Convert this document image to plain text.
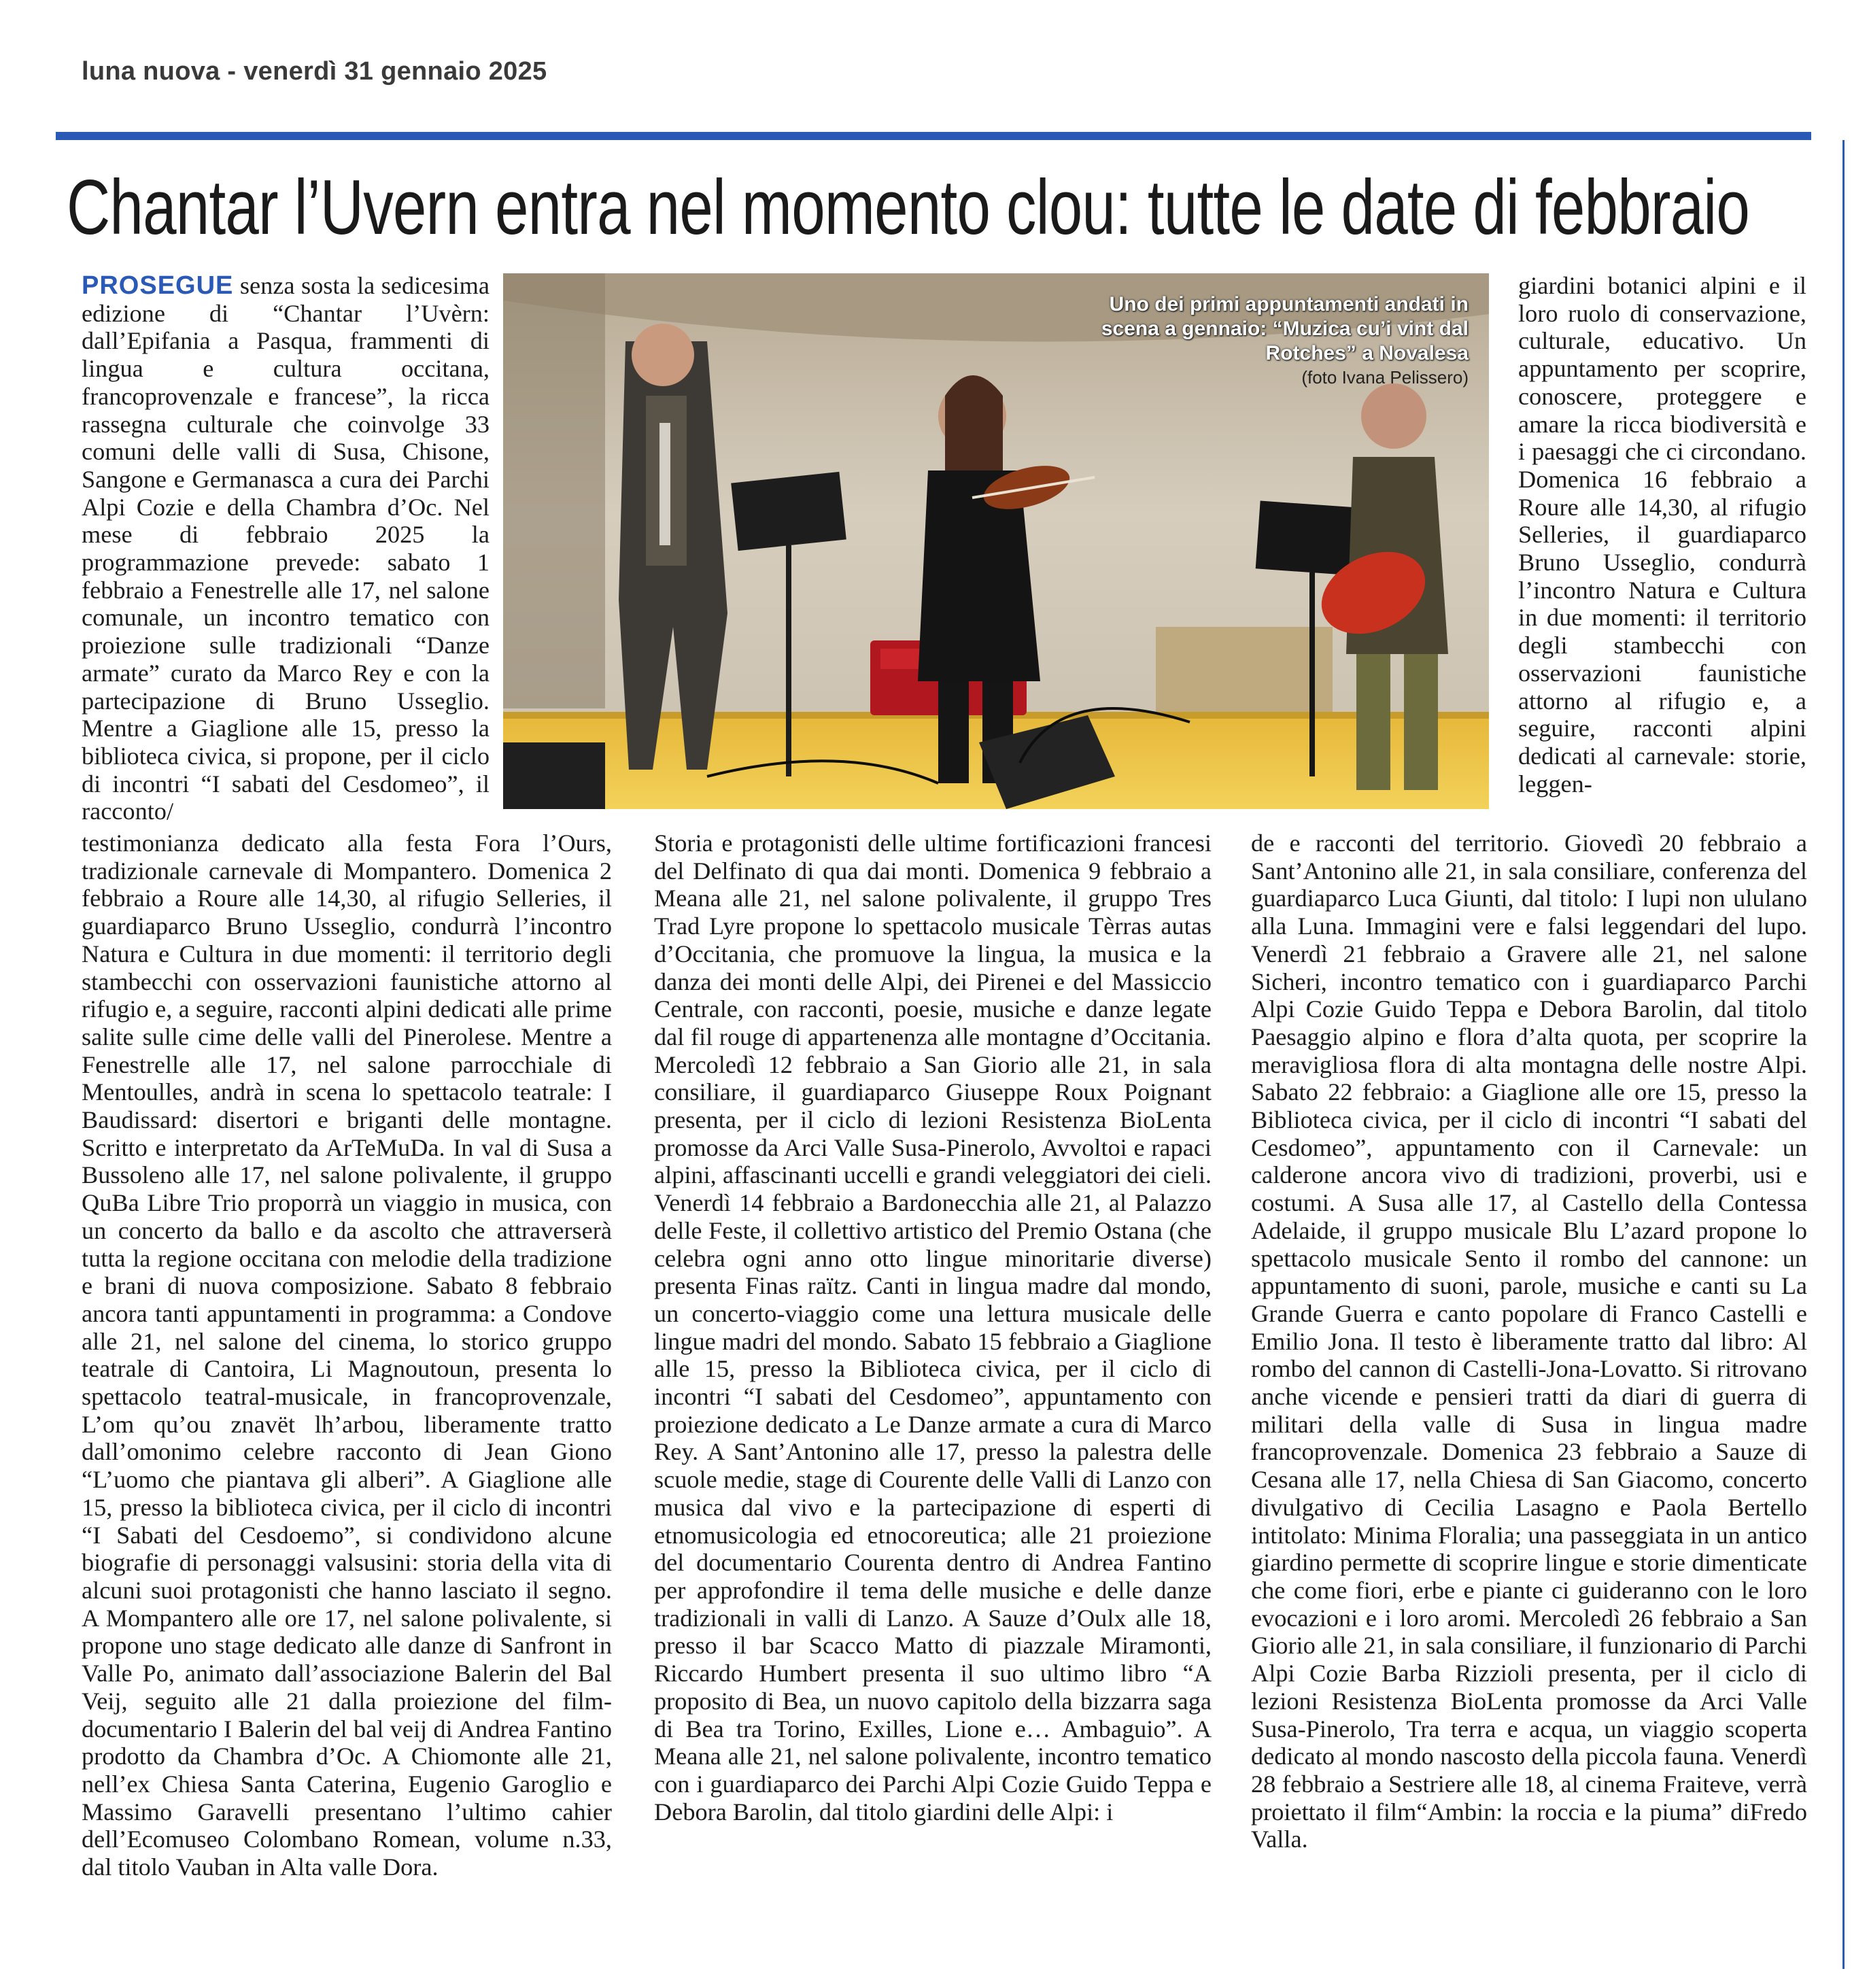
luna nuova - venerdì 31 gennaio 2025
Chantar l’Uvern entra nel momento clou: tutte le date di febbraio
PROSEGUE senza sosta la sedicesima edizione di “Chantar l’Uvèrn: dall’Epifania a Pasqua, frammenti di lingua e cultura occitana, francoprovenzale e francese”, la ricca rassegna culturale che coinvolge 33 comuni delle valli di Susa, Chisone, Sangone e Germanasca a cura dei Parchi Alpi Cozie e della Chambra d’Oc. Nel mese di febbraio 2025 la programmazione prevede: sabato 1 febbraio a Fenestrelle alle 17, nel salone comunale, un incontro tematico con proiezione sulle tradizionali “Danze armate” curato da Marco Rey e con la partecipazione di Bruno Usseglio. Mentre a Giaglione alle 15, presso la biblioteca civica, si propone, per il ciclo di incontri “I sabati del Cesdomeo”, il racconto/
Uno dei primi appuntamenti andati in scena a gennaio: “Muzica cu’i vint dal Rotches” a Novalesa
(foto Ivana Pelissero)
giardini botanici alpini e il loro ruolo di conservazione, culturale, educativo. Un appuntamento per scoprire, conoscere, proteggere e amare la ricca biodiversità e i paesaggi che ci circondano. Domenica 16 febbraio a Roure alle 14,30, al rifugio Selleries, il guardiaparco Bruno Usseglio, condurrà l’incontro Natura e Cultura in due momenti: il territorio degli stambecchi con osservazioni faunistiche attorno al rifugio e, a seguire, racconti alpini dedicati al carnevale: storie, leggen-
testimonianza dedicato alla festa Fora l’Ours, tradizionale carnevale di Mompantero. Domenica 2 febbraio a Roure alle 14,30, al rifugio Selleries, il guardiaparco Bruno Usseglio, condurrà l’incontro Natura e Cultura in due momenti: il territorio degli stambecchi con osservazioni faunistiche attorno al rifugio e, a seguire, racconti alpini dedicati alle prime salite sulle cime delle valli del Pinerolese. Mentre a Fenestrelle alle 17, nel salone parrocchiale di Mentoulles, andrà in scena lo spettacolo teatrale: I Baudissard: disertori e briganti delle montagne. Scritto e interpretato da ArTeMuDa. In val di Susa a Bussoleno alle 17, nel salone polivalente, il gruppo QuBa Libre Trio proporrà un viaggio in musica, con un concerto da ballo e da ascolto che attraverserà tutta la regione occitana con melodie della tradizione e brani di nuova composizione. Sabato 8 febbraio ancora tanti appuntamenti in programma: a Condove alle 21, nel salone del cinema, lo storico gruppo teatrale di Cantoira, Li Magnoutoun, presenta lo spettacolo teatral-musicale, in francoprovenzale, L’om qu’ou znavët lh’arbou, liberamente tratto dall’omonimo celebre racconto di Jean Giono “L’uomo che piantava gli alberi”. A Giaglione alle 15, presso la biblioteca civica, per il ciclo di incontri “I Sabati del Cesdoemo”, si condividono alcune biografie di personaggi valsusini: storia della vita di alcuni suoi protagonisti che hanno lasciato il segno. A Mompantero alle ore 17, nel salone polivalente, si propone uno stage dedicato alle danze di Sanfront in Valle Po, animato dall’associazione Balerin del Bal Veij, seguito alle 21 dalla proiezione del film-documentario I Balerin del bal veij di Andrea Fantino prodotto da Chambra d’Oc. A Chiomonte alle 21, nell’ex Chiesa Santa Caterina, Eugenio Garoglio e Massimo Garavelli presentano l’ultimo cahier dell’Ecomuseo Colombano Romean, volume n.33, dal titolo Vauban in Alta valle Dora.
Storia e protagonisti delle ultime fortificazioni francesi del Delfinato di qua dai monti. Domenica 9 febbraio a Meana alle 21, nel salone polivalente, il gruppo Tres Trad Lyre propone lo spettacolo musicale Tèrras autas d’Occitania, che promuove la lingua, la musica e la danza dei monti delle Alpi, dei Pirenei e del Massiccio Centrale, con racconti, poesie, musiche e danze legate dal fil rouge di appartenenza alle montagne d’Occitania. Mercoledì 12 febbraio a San Giorio alle 21, in sala consiliare, il guardiaparco Giuseppe Roux Poignant presenta, per il ciclo di lezioni Resistenza BioLenta promosse da Arci Valle Susa-Pinerolo, Avvoltoi e rapaci alpini, affascinanti uccelli e grandi veleggiatori dei cieli. Venerdì 14 febbraio a Bardonecchia alle 21, al Palazzo delle Feste, il collettivo artistico del Premio Ostana (che celebra ogni anno otto lingue minoritarie diverse) presenta Finas raïtz. Canti in lingua madre dal mondo, un concerto-viaggio come una lettura musicale delle lingue madri del mondo. Sabato 15 febbraio a Giaglione alle 15, presso la Biblioteca civica, per il ciclo di incontri “I sabati del Cesdomeo”, appuntamento con proiezione dedicato a Le Danze armate a cura di Marco Rey. A Sant’Antonino alle 17, presso la palestra delle scuole medie, stage di Courente delle Valli di Lanzo con musica dal vivo e la partecipazione di esperti di etnomusicologia ed etnocoreutica; alle 21 proiezione del documentario Courenta dentro di Andrea Fantino per approfondire il tema delle musiche e delle danze tradizionali in valli di Lanzo. A Sauze d’Oulx alle 18, presso il bar Scacco Matto di piazzale Miramonti, Riccardo Humbert presenta il suo ultimo libro “A proposito di Bea, un nuovo capitolo della bizzarra saga di Bea tra Torino, Exilles, Lione e… Ambaguio”. A Meana alle 21, nel salone polivalente, incontro tematico con i guardiaparco dei Parchi Alpi Cozie Guido Teppa e Debora Barolin, dal titolo giardini delle Alpi: i
de e racconti del territorio. Giovedì 20 febbraio a Sant’Antonino alle 21, in sala consiliare, conferenza del guardiaparco Luca Giunti, dal titolo: I lupi non ululano alla Luna. Immagini vere e falsi leggendari del lupo. Venerdì 21 febbraio a Gravere alle 21, nel salone Sicheri, incontro tematico con i guardiaparco Parchi Alpi Cozie Guido Teppa e Debora Barolin, dal titolo Paesaggio alpino e flora d’alta quota, per scoprire la meravigliosa flora di alta montagna delle nostre Alpi. Sabato 22 febbraio: a Giaglione alle ore 15, presso la Biblioteca civica, per il ciclo di incontri “I sabati del Cesdomeo”, appuntamento con il Carnevale: un calderone ancora vivo di tradizioni, proverbi, usi e costumi. A Susa alle 17, al Castello della Contessa Adelaide, il gruppo musicale Blu L’azard propone lo spettacolo musicale Sento il rombo del cannone: un appuntamento di suoni, parole, musiche e canti su La Grande Guerra e canto popolare di Franco Castelli e Emilio Jona. Il testo è liberamente tratto dal libro: Al rombo del cannon di Castelli-Jona-Lovatto. Si ritrovano anche vicende e pensieri tratti da diari di guerra di militari della valle di Susa in lingua madre francoprovenzale. Domenica 23 febbraio a Sauze di Cesana alle 17, nella Chiesa di San Giacomo, concerto divulgativo di Cecilia Lasagno e Paola Bertello intitolato: Minima Floralia; una passeggiata in un antico giardino permette di scoprire lingue e storie dimenticate che come fiori, erbe e piante ci guideranno con le loro evocazioni e i loro aromi. Mercoledì 26 febbraio a San Giorio alle 21, in sala consiliare, il funzionario di Parchi Alpi Cozie Barba Rizzioli presenta, per il ciclo di lezioni Resistenza BioLenta promosse da Arci Valle Susa-Pinerolo, Tra terra e acqua, un viaggio scoperta dedicato al mondo nascosto della piccola fauna. Venerdì 28 febbraio a Sestriere alle 18, al cinema Fraiteve, verrà proiettato il film“Ambin: la roccia e la piuma” diFredo Valla.
